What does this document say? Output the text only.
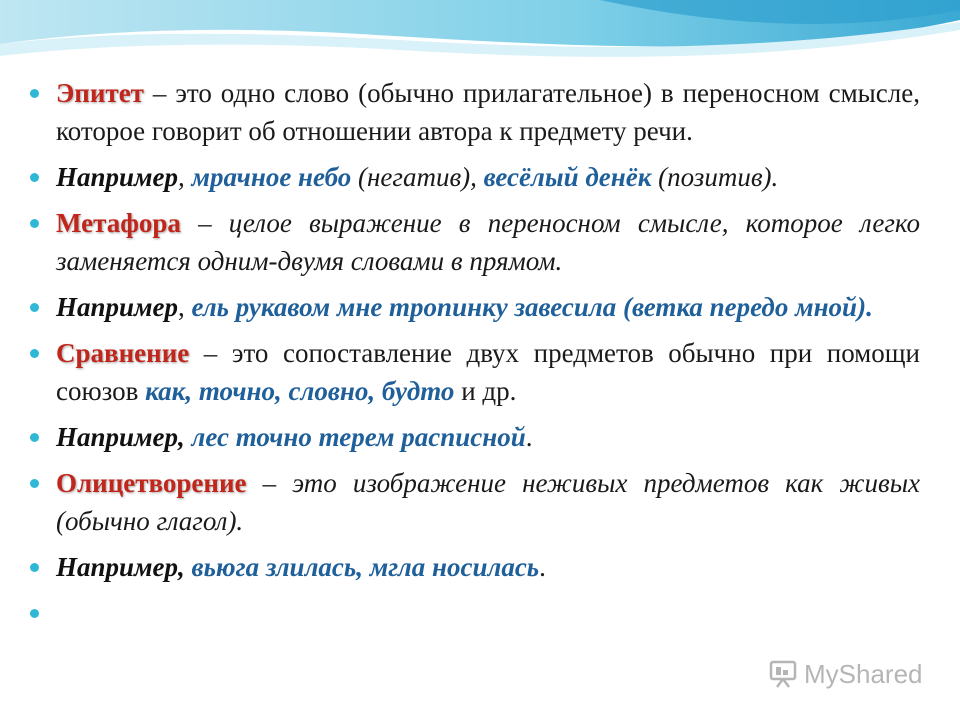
Эпитет – это одно слово (обычно прилагательное) в переносном смысле, которое говорит об отношении автора к предмету речи.
Например, мрачное небо (негатив), весёлый денёк (позитив).
Метафора – целое выражение в переносном смысле, которое легко заменяется одним-двумя словами в прямом.
Например, ель рукавом мне тропинку завесила (ветка передо мной).
Сравнение – это сопоставление двух предметов обычно при помощи союзов как, точно, словно, будто и др.
Например, лес точно терем расписной.
Олицетворение – это изображение неживых предметов как живых (обычно глагол).
Например, вьюга злилась, мгла носилась.
MyShared
